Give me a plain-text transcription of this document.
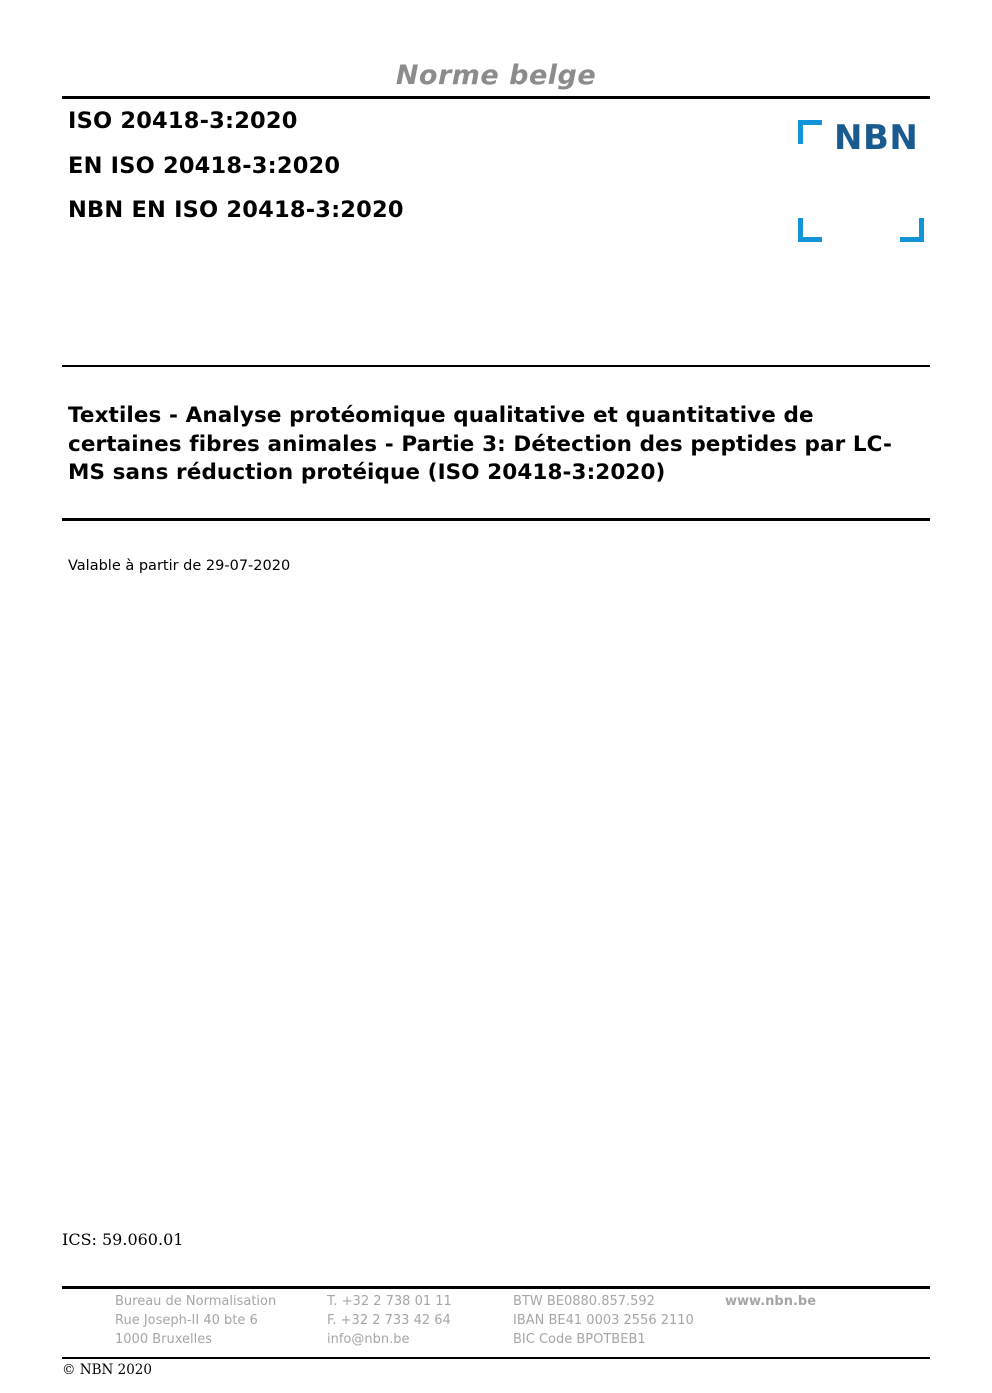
Norme belge
ISO 20418-3:2020
EN ISO 20418-3:2020
NBN EN ISO 20418-3:2020
NBN
Textiles - Analyse protéomique qualitative et quantitative de certaines fibres animales - Partie 3: Détection des peptides par LC-MS sans réduction protéique (ISO 20418-3:2020)
Valable à partir de 29-07-2020
ICS: 59.060.01
Bureau de Normalisation
Rue Joseph-II 40 bte 6
1000 Bruxelles
T. +32 2 738 01 11
F. +32 2 733 42 64
info@nbn.be
BTW BE0880.857.592
IBAN BE41 0003 2556 2110
BIC Code BPOTBEB1
www.nbn.be
© NBN 2020
